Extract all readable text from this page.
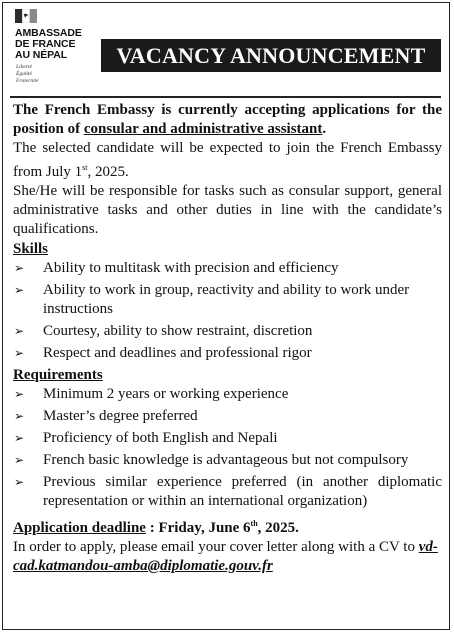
AMBASSADE
DE FRANCE
AU NÉPAL
Liberté
Égalité
Fraternité
VACANCY ANNOUNCEMENT

The French Embassy is currently accepting applications for the position of consular and administrative assistant.

The selected candidate will be expected to join the French Embassy from July 1st, 2025.

She/He will be responsible for tasks such as consular support, general administrative tasks and other duties in line with the candidate’s qualifications.

Skills
➢ Ability to multitask with precision and efficiency
➢ Ability to work in group, reactivity and ability to work under instructions
➢ Courtesy, ability to show restraint, discretion
➢ Respect and deadlines and professional rigor
Requirements
➢ Minimum 2 years or working experience
➢ Master’s degree preferred
➢ Proficiency of both English and Nepali
➢ French basic knowledge is advantageous but not compulsory
➢ Previous similar experience preferred (in another diplomatic representation or within an international organization)

Application deadline : Friday, June 6th, 2025.

In order to apply, please email your cover letter along with a CV to vd-cad.katmandou-amba@diplomatie.gouv.fr
